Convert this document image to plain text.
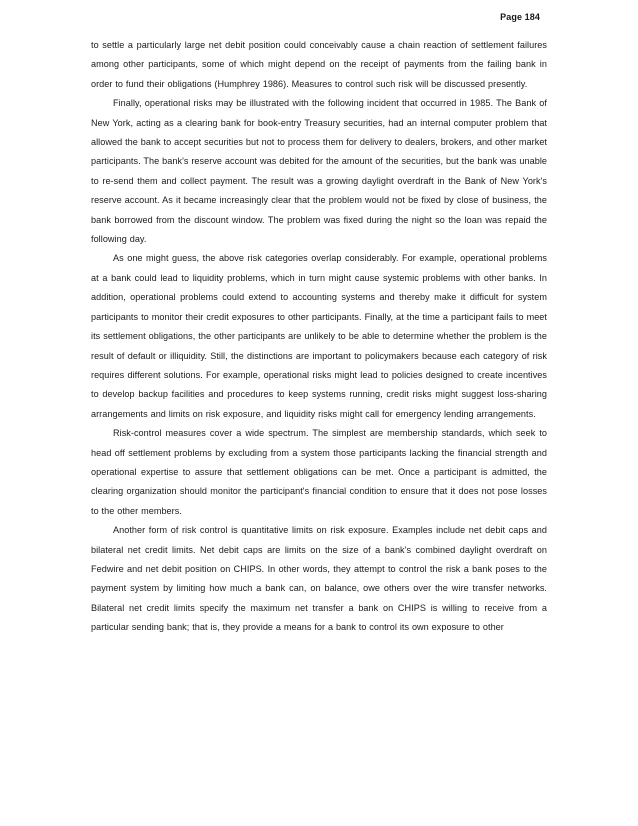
Page 184

to settle a particularly large net debit position could conceivably cause a chain reaction of settlement failures among other participants, some of which might depend on the receipt of payments from the failing bank in order to fund their obligations (Humphrey 1986). Measures to control such risk will be discussed presently.

Finally, operational risks may be illustrated with the following incident that occurred in 1985. The Bank of New York, acting as a clearing bank for book-entry Treasury securities, had an internal computer problem that allowed the bank to accept securities but not to process them for delivery to dealers, brokers, and other market participants. The bank's reserve account was debited for the amount of the securities, but the bank was unable to re-send them and collect payment. The result was a growing daylight overdraft in the Bank of New York's reserve account. As it became increasingly clear that the problem would not be fixed by close of business, the bank borrowed from the discount window. The problem was fixed during the night so the loan was repaid the following day.

As one might guess, the above risk categories overlap considerably. For example, operational problems at a bank could lead to liquidity problems, which in turn might cause systemic problems with other banks. In addition, operational problems could extend to accounting systems and thereby make it difficult for system participants to monitor their credit exposures to other participants. Finally, at the time a participant fails to meet its settlement obligations, the other participants are unlikely to be able to determine whether the problem is the result of default or illiquidity. Still, the distinctions are important to policymakers because each category of risk requires different solutions. For example, operational risks might lead to policies designed to create incentives to develop backup facilities and procedures to keep systems running, credit risks might suggest loss-sharing arrangements and limits on risk exposure, and liquidity risks might call for emergency lending arrangements.

Risk-control measures cover a wide spectrum. The simplest are membership standards, which seek to head off settlement problems by excluding from a system those participants lacking the financial strength and operational expertise to assure that settlement obligations can be met. Once a participant is admitted, the clearing organization should monitor the participant's financial condition to ensure that it does not pose losses to the other members.

Another form of risk control is quantitative limits on risk exposure. Examples include net debit caps and bilateral net credit limits. Net debit caps are limits on the size of a bank's combined daylight overdraft on Fedwire and net debit position on CHIPS. In other words, they attempt to control the risk a bank poses to the payment system by limiting how much a bank can, on balance, owe others over the wire transfer networks. Bilateral net credit limits specify the maximum net transfer a bank on CHIPS is willing to receive from a particular sending bank; that is, they provide a means for a bank to control its own exposure to other
